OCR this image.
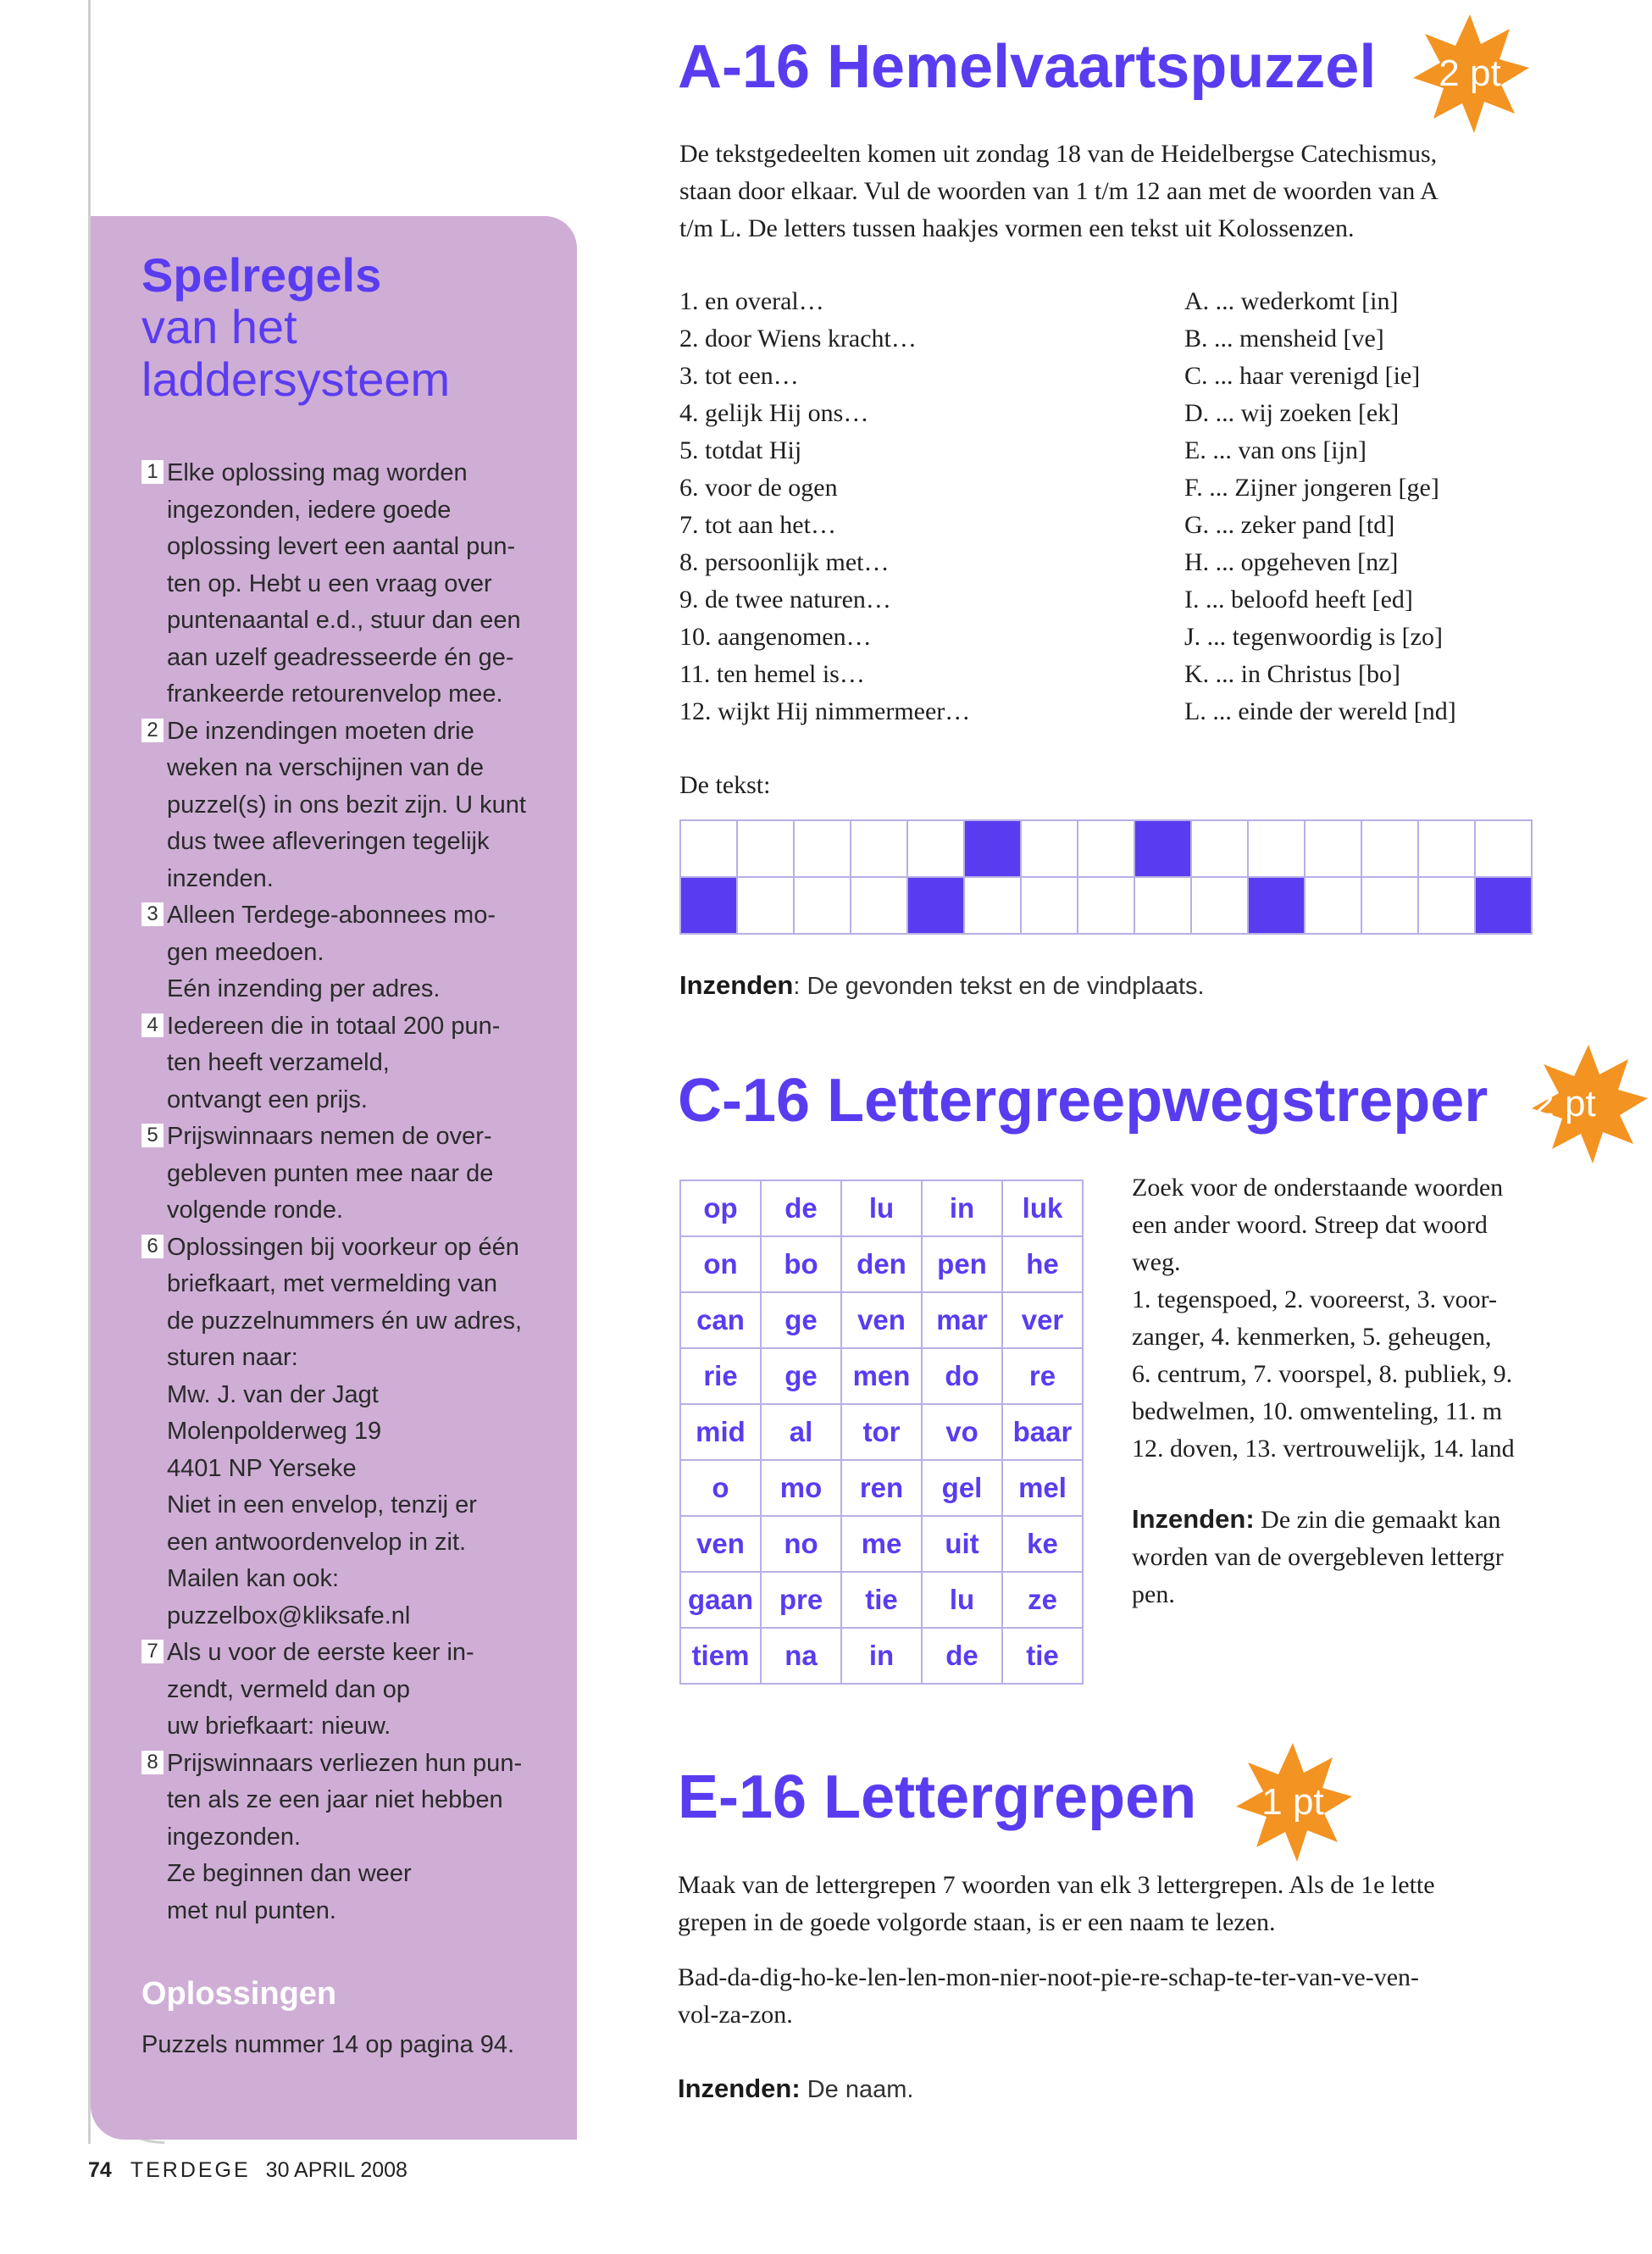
Spelregels

van het

laddersysteem

1 Elke oplossing mag worden
ingezonden, iedere goede
oplossing levert een aantal pun-
ten op. Hebt u een vraag over
puntenaantal e.d., stuur dan een
aan uzelf geadresseerde én ge-
frankeerde retourenvelop mee.
2 De inzendingen moeten drie
weken na verschijnen van de
puzzel(s) in ons bezit zijn. U kunt
dus twee afleveringen tegelijk
inzenden.
3 Alleen Terdege-abonnees mo-
gen meedoen.
Eén inzending per adres.
4 Iedereen die in totaal 200 pun-
ten heeft verzameld,
ontvangt een prijs.
5 Prijswinnaars nemen de over-
gebleven punten mee naar de
volgende ronde.
6 Oplossingen bij voorkeur op één
briefkaart, met vermelding van
de puzzelnummers én uw adres,
sturen naar:
Mw. J. van der Jagt
Molenpolderweg 19
4401 NP Yerseke
Niet in een envelop, tenzij er
een antwoordenvelop in zit.
Mailen kan ook:
puzzelbox@kliksafe.nl
7 Als u voor de eerste keer in-
zendt, vermeld dan op
uw briefkaart: nieuw.
8 Prijswinnaars verliezen hun pun-
ten als ze een jaar niet hebben
ingezonden.
Ze beginnen dan weer
met nul punten.
Oplossingen
Puzzels nummer 14 op pagina 94.
74 TERDEGE 30 APRIL 2008
A-16 Hemelvaartspuzzel	2 pt
De tekstgedeelten komen uit zondag 18 van de Heidelbergse Catechismus,
staan door elkaar. Vul de woorden van 1 t/m 12 aan met de woorden van A
t/m L. De letters tussen haakjes vormen een tekst uit Kolossenzen.
1. en overal…
2. door Wiens kracht…
3. tot een…
4. gelijk Hij ons…
5. totdat Hij
6. voor de ogen
7. tot aan het…
8. persoonlijk met…
9. de twee naturen…
10. aangenomen…
11. ten hemel is…
12. wijkt Hij nimmermeer…
A. ... wederkomt [in]
B. ... mensheid [ve]
C. ... haar verenigd [ie]
D. ... wij zoeken [ek]
E. ... van ons [ijn]
F. ... Zijner jongeren [ge]
G. ... zeker pand [td]
H. ... opgeheven [nz]
I. ... beloofd heeft [ed]
J. ... tegenwoordig is [zo]
K. ... in Christus [bo]
L. ... einde der wereld [nd]
De tekst:

Inzenden: De gevonden tekst en de vindplaats.
C-16 Lettergreepwegstreper	2 pt
op	de	lu	in	luk
on	bo	den	pen	he
can	ge	ven	mar	ver
rie	ge	men	do	re
mid	al	tor	vo	baar
o	mo	ren	gel	mel
ven	no	me	uit	ke
gaan	pre	tie	lu	ze
tiem	na	in	de	tie
Zoek voor de onderstaande woorden
een ander woord. Streep dat woord
weg.
1. tegenspoed, 2. vooreerst, 3. voor-
zanger, 4. kenmerken, 5. geheugen,
6. centrum, 7. voorspel, 8. publiek, 9.
bedwelmen, 10. omwenteling, 11. m
12. doven, 13. vertrouwelijk, 14. land
Inzenden: De zin die gemaakt kan
worden van de overgebleven lettergr
pen.
E-16 Lettergrepen	1 pt
Maak van de lettergrepen 7 woorden van elk 3 lettergrepen. Als de 1e lette
grepen in de goede volgorde staan, is er een naam te lezen.
Bad-da-dig-ho-ke-len-len-mon-nier-noot-pie-re-schap-te-ter-van-ve-ven-
vol-za-zon.
Inzenden: De naam.
